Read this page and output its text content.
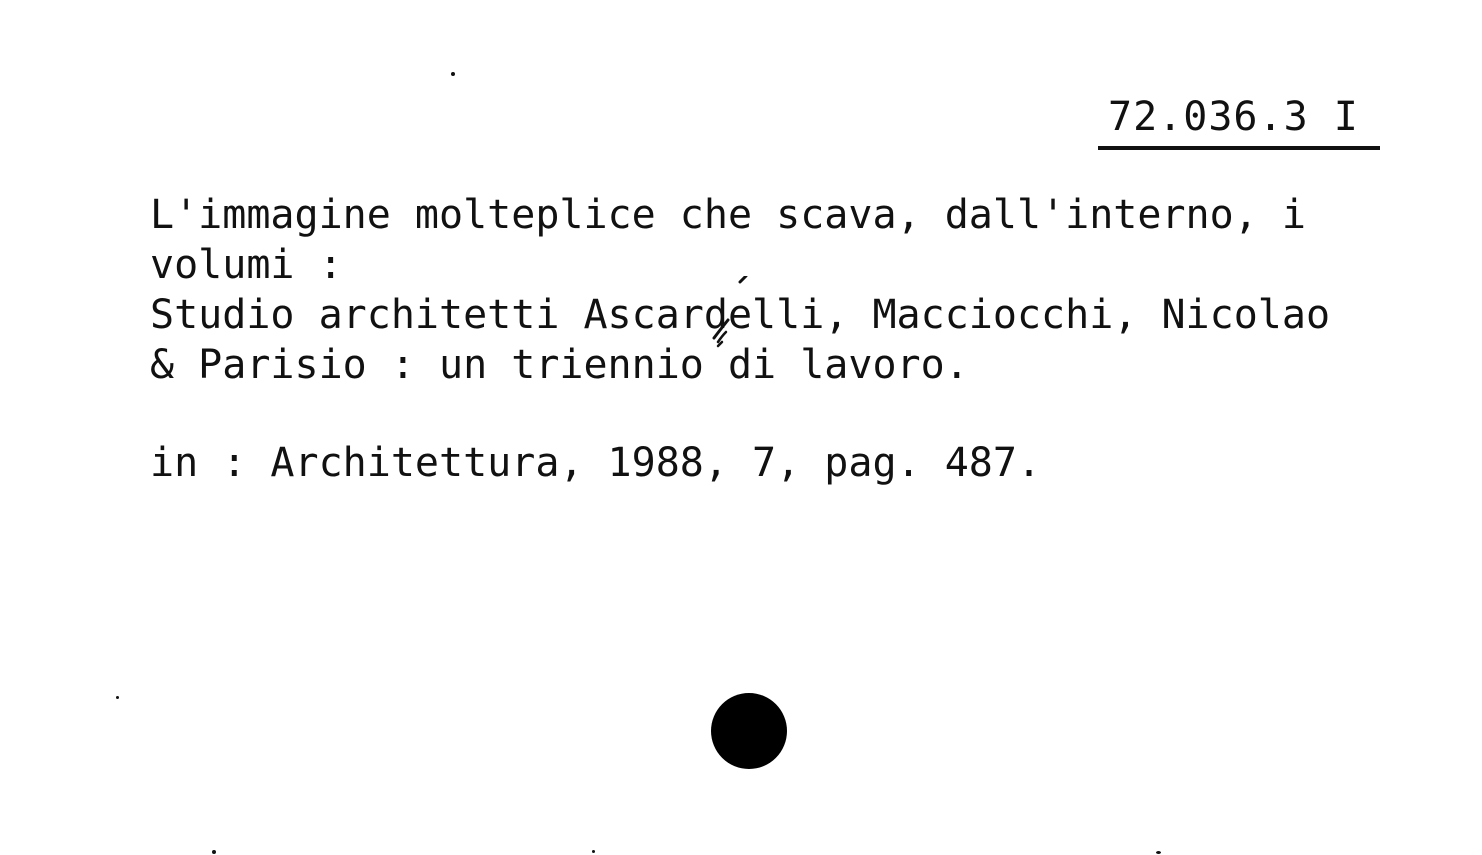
72.036.3 I
L'immagine molteplice che scava, dall'interno, i
volumi :
Studio architetti Ascardelli, Macciocchi, Nicolao
& Parisio : un triennio di lavoro.
in : Architettura, 1988, 7, pag. 487.
